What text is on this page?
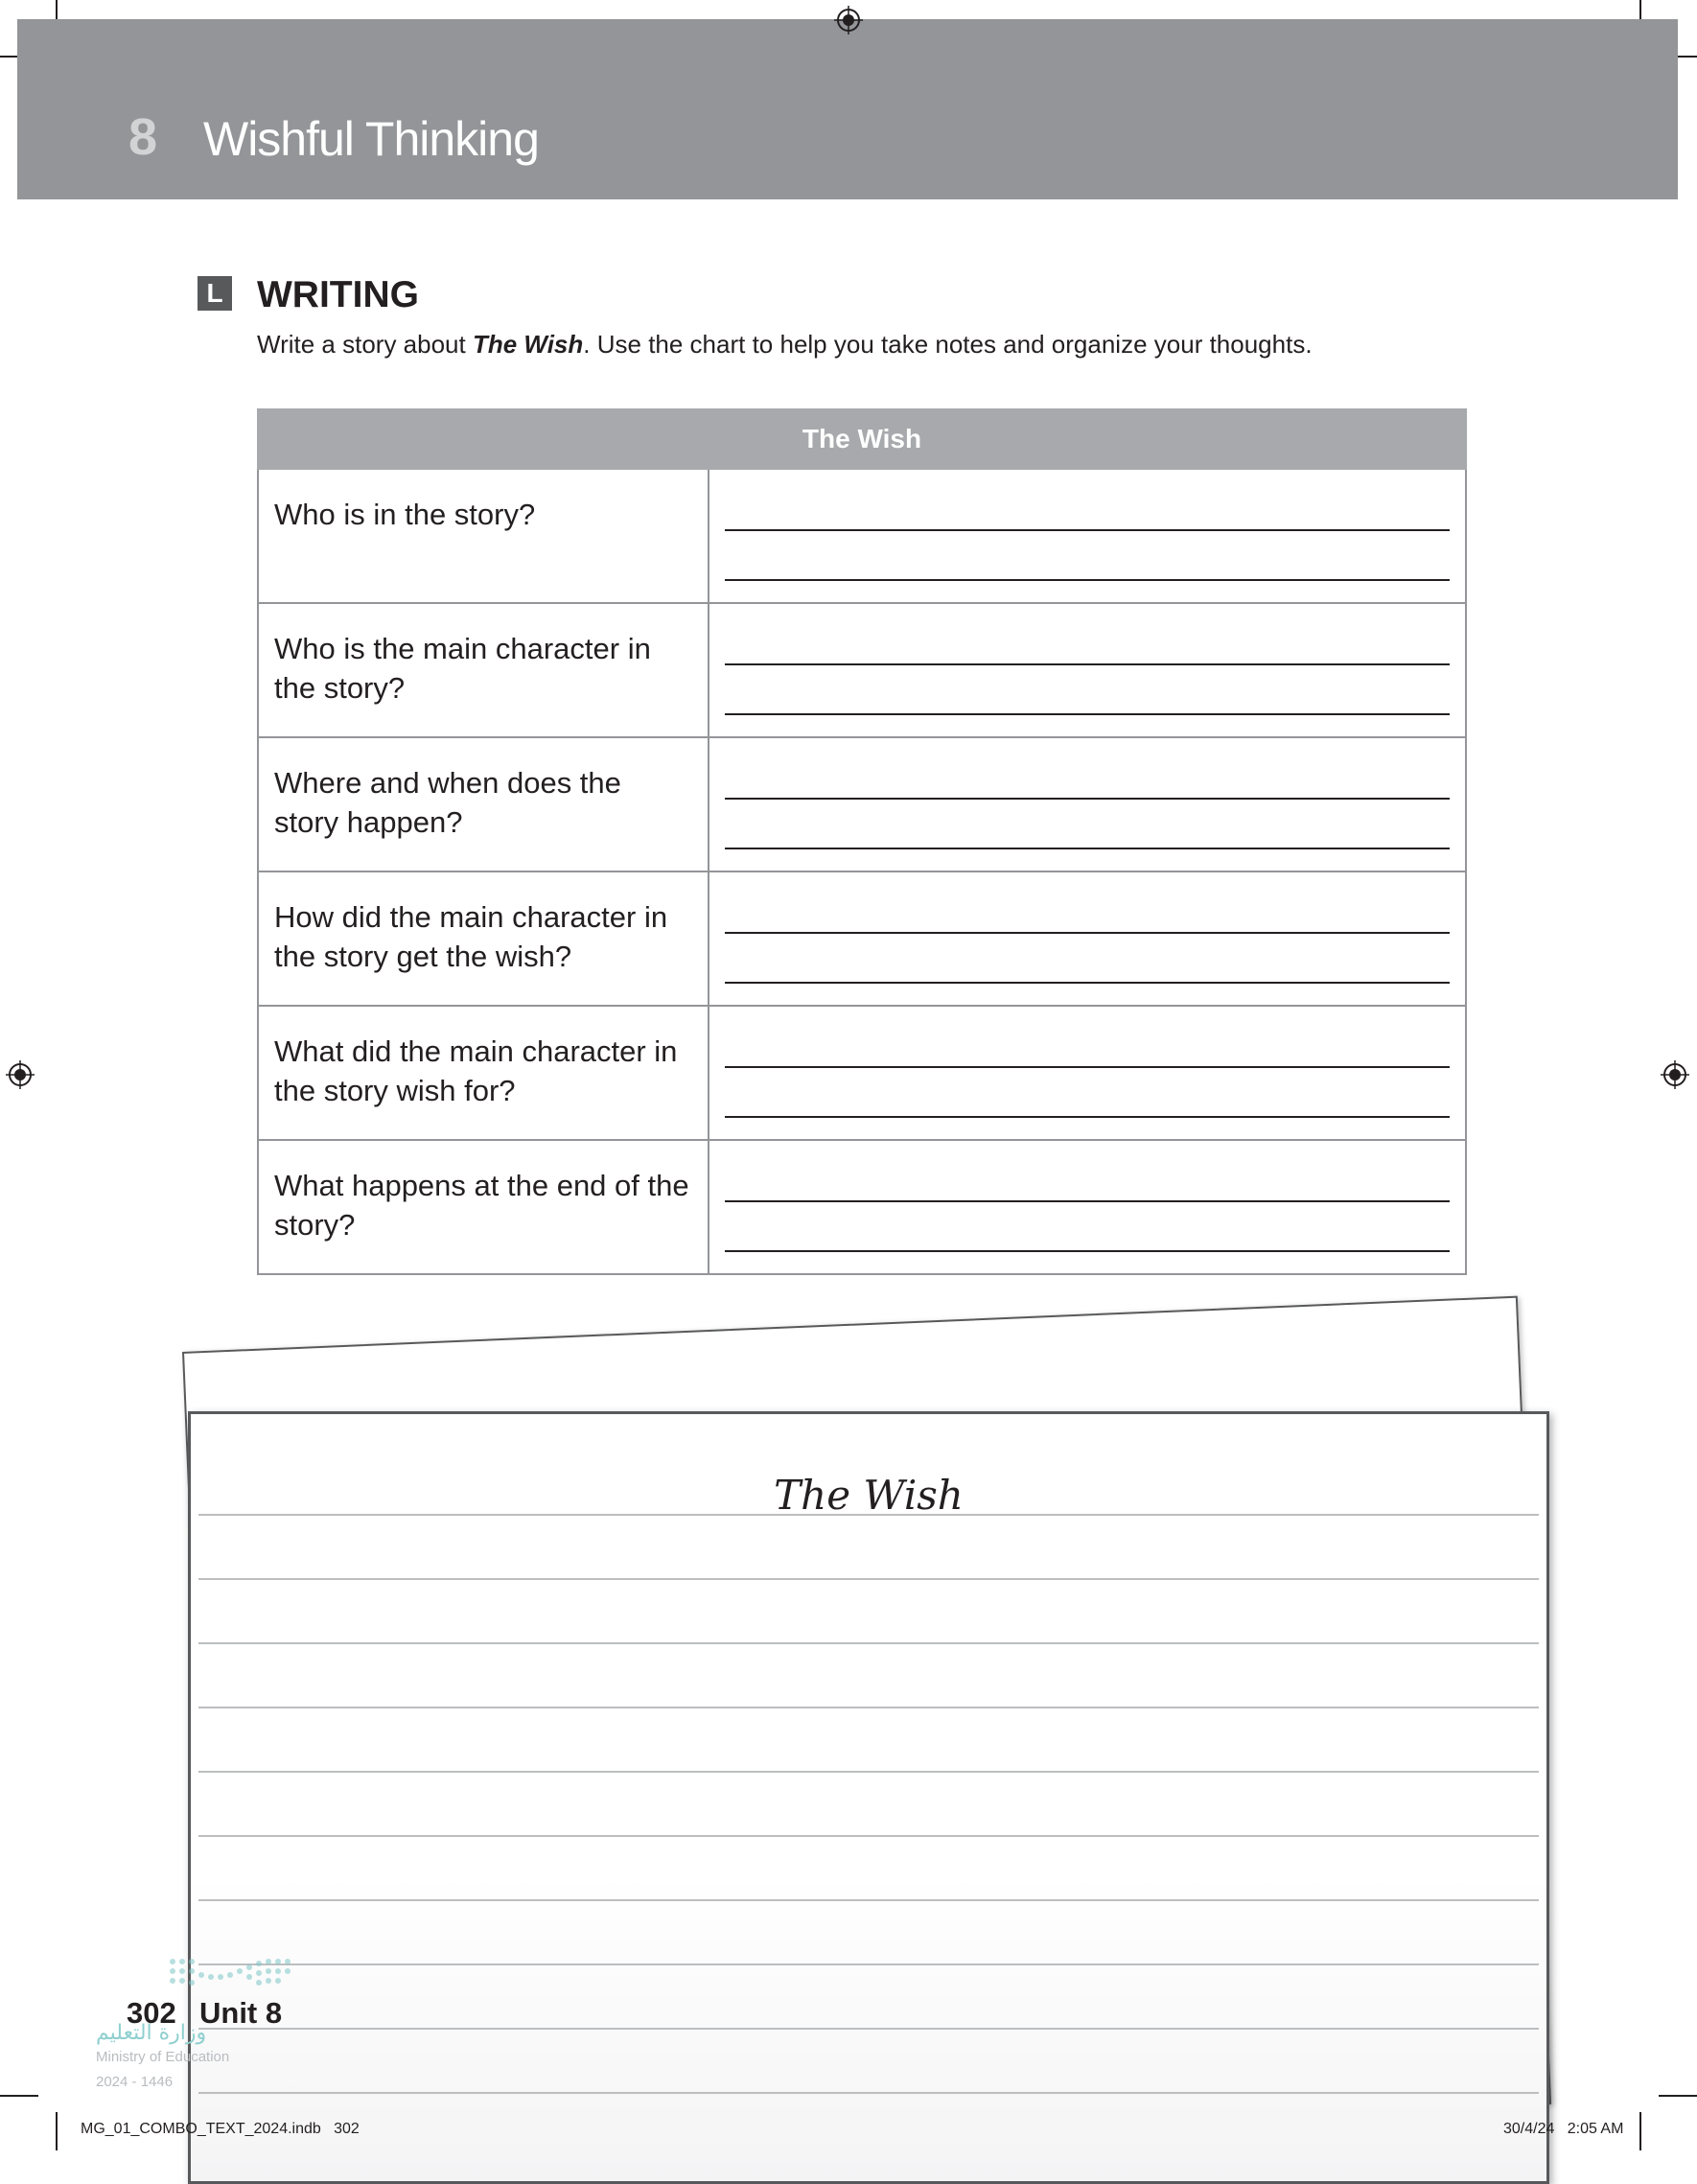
8 Wishful Thinking
L WRITING
Write a story about The Wish. Use the chart to help you take notes and organize your thoughts.
The Wish	
Who is in the story?	

Who is the main character in the story?	

Where and when does the story happen?	

How did the main character in the story get the wish?	

What did the main character in the story wish for?	

What happens at the end of the story?	
The Wish
وزارة التعليم
Ministry of Education
2024 - 1446
302 Unit 8
MG_01_COMBO_TEXT_2024.indb   302	30/4/24   2:05 AM
